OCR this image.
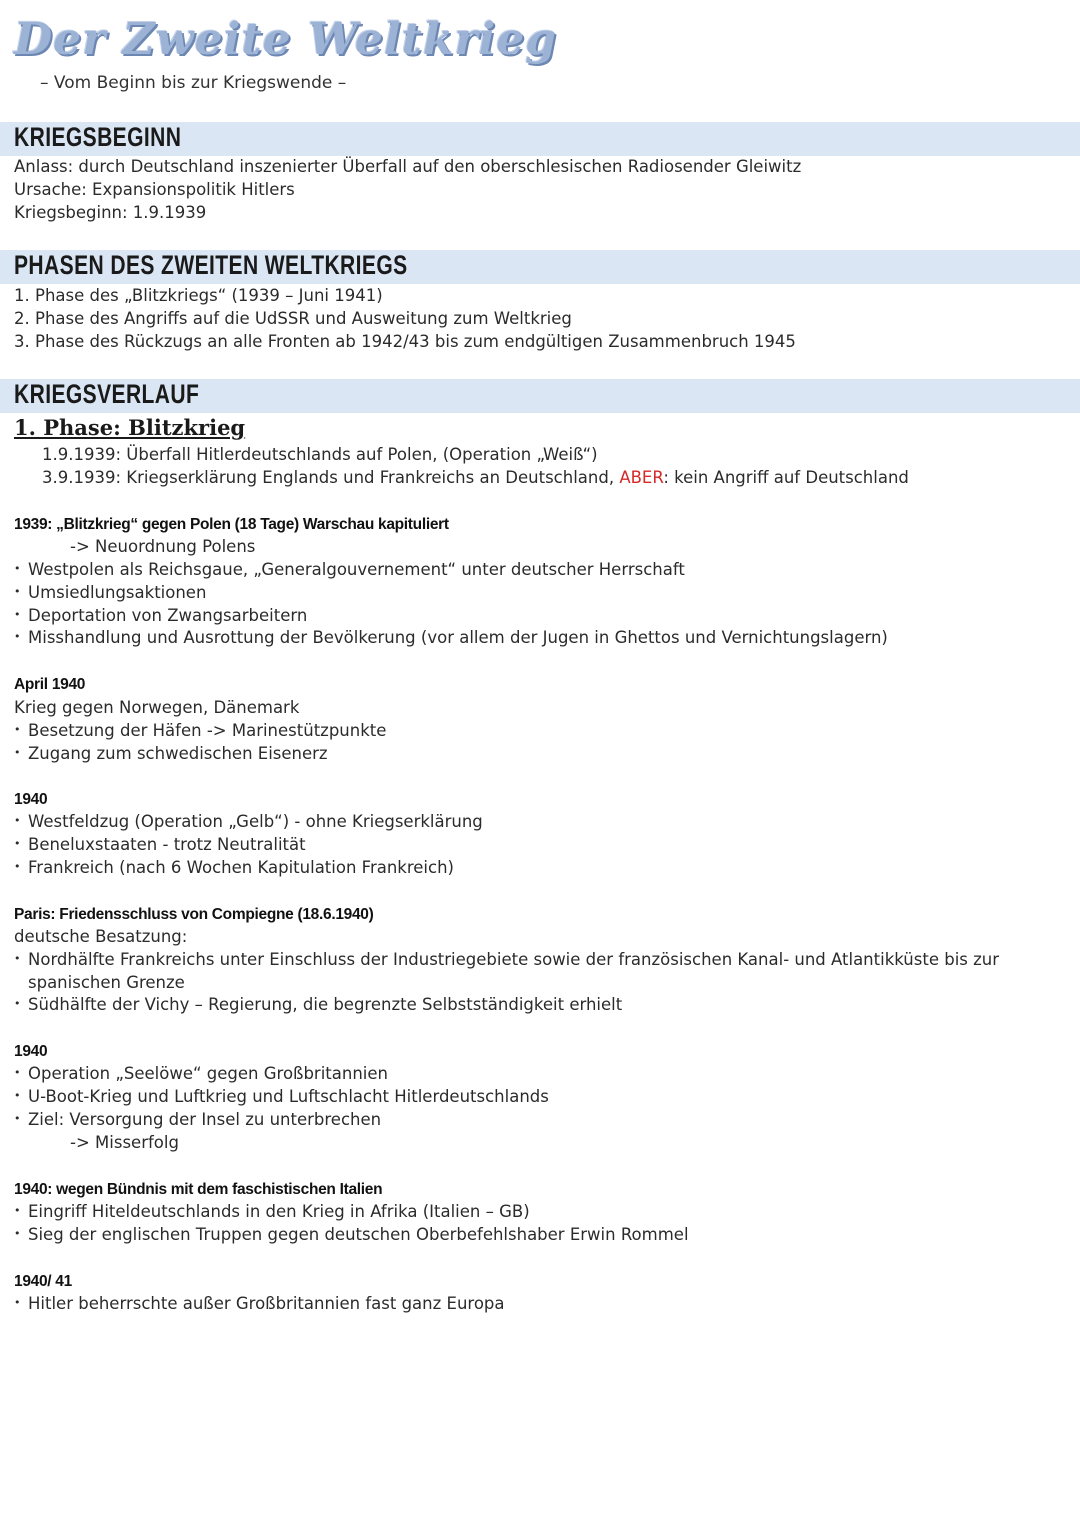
Der Zweite Weltkrieg
– Vom Beginn bis zur Kriegswende –
KRIEGSBEGINN
Anlass: durch Deutschland inszenierter Überfall auf den oberschlesischen Radiosender Gleiwitz
Ursache: Expansionspolitik Hitlers
Kriegsbeginn: 1.9.1939
PHASEN DES ZWEITEN WELTKRIEGS
1. Phase des „Blitzkriegs“ (1939 – Juni 1941)
2. Phase des Angriffs auf die UdSSR und Ausweitung zum Weltkrieg
3. Phase des Rückzugs an alle Fronten ab 1942/43 bis zum endgültigen Zusammenbruch 1945
KRIEGSVERLAUF
1. Phase: Blitzkrieg
1.9.1939: Überfall Hitlerdeutschlands auf Polen, (Operation „Weiß“)
3.9.1939: Kriegserklärung Englands und Frankreichs an Deutschland, ABER: kein Angriff auf Deutschland
1939: „Blitzkrieg“ gegen Polen (18 Tage) Warschau kapituliert
-> Neuordnung Polens
• Westpolen als Reichsgaue, „Generalgouvernement“ unter deutscher Herrschaft
• Umsiedlungsaktionen
• Deportation von Zwangsarbeitern
• Misshandlung und Ausrottung der Bevölkerung (vor allem der Jugen in Ghettos und Vernichtungslagern)
April 1940
Krieg gegen Norwegen, Dänemark
• Besetzung der Häfen -> Marinestützpunkte
• Zugang zum schwedischen Eisenerz
1940
• Westfeldzug (Operation „Gelb“) - ohne Kriegserklärung
• Beneluxstaaten - trotz Neutralität
• Frankreich (nach 6 Wochen Kapitulation Frankreich)
Paris: Friedensschluss von Compiegne (18.6.1940)
deutsche Besatzung:
• Nordhälfte Frankreichs unter Einschluss der Industriegebiete sowie der französischen Kanal- und Atlantikküste bis zur
spanischen Grenze
• Südhälfte der Vichy – Regierung, die begrenzte Selbstständigkeit erhielt
1940
• Operation „Seelöwe“ gegen Großbritannien
• U-Boot-Krieg und Luftkrieg und Luftschlacht Hitlerdeutschlands
• Ziel: Versorgung der Insel zu unterbrechen
-> Misserfolg
1940: wegen Bündnis mit dem faschistischen Italien
• Eingriff Hiteldeutschlands in den Krieg in Afrika (Italien – GB)
• Sieg der englischen Truppen gegen deutschen Oberbefehlshaber Erwin Rommel
1940/ 41
• Hitler beherrschte außer Großbritannien fast ganz Europa
